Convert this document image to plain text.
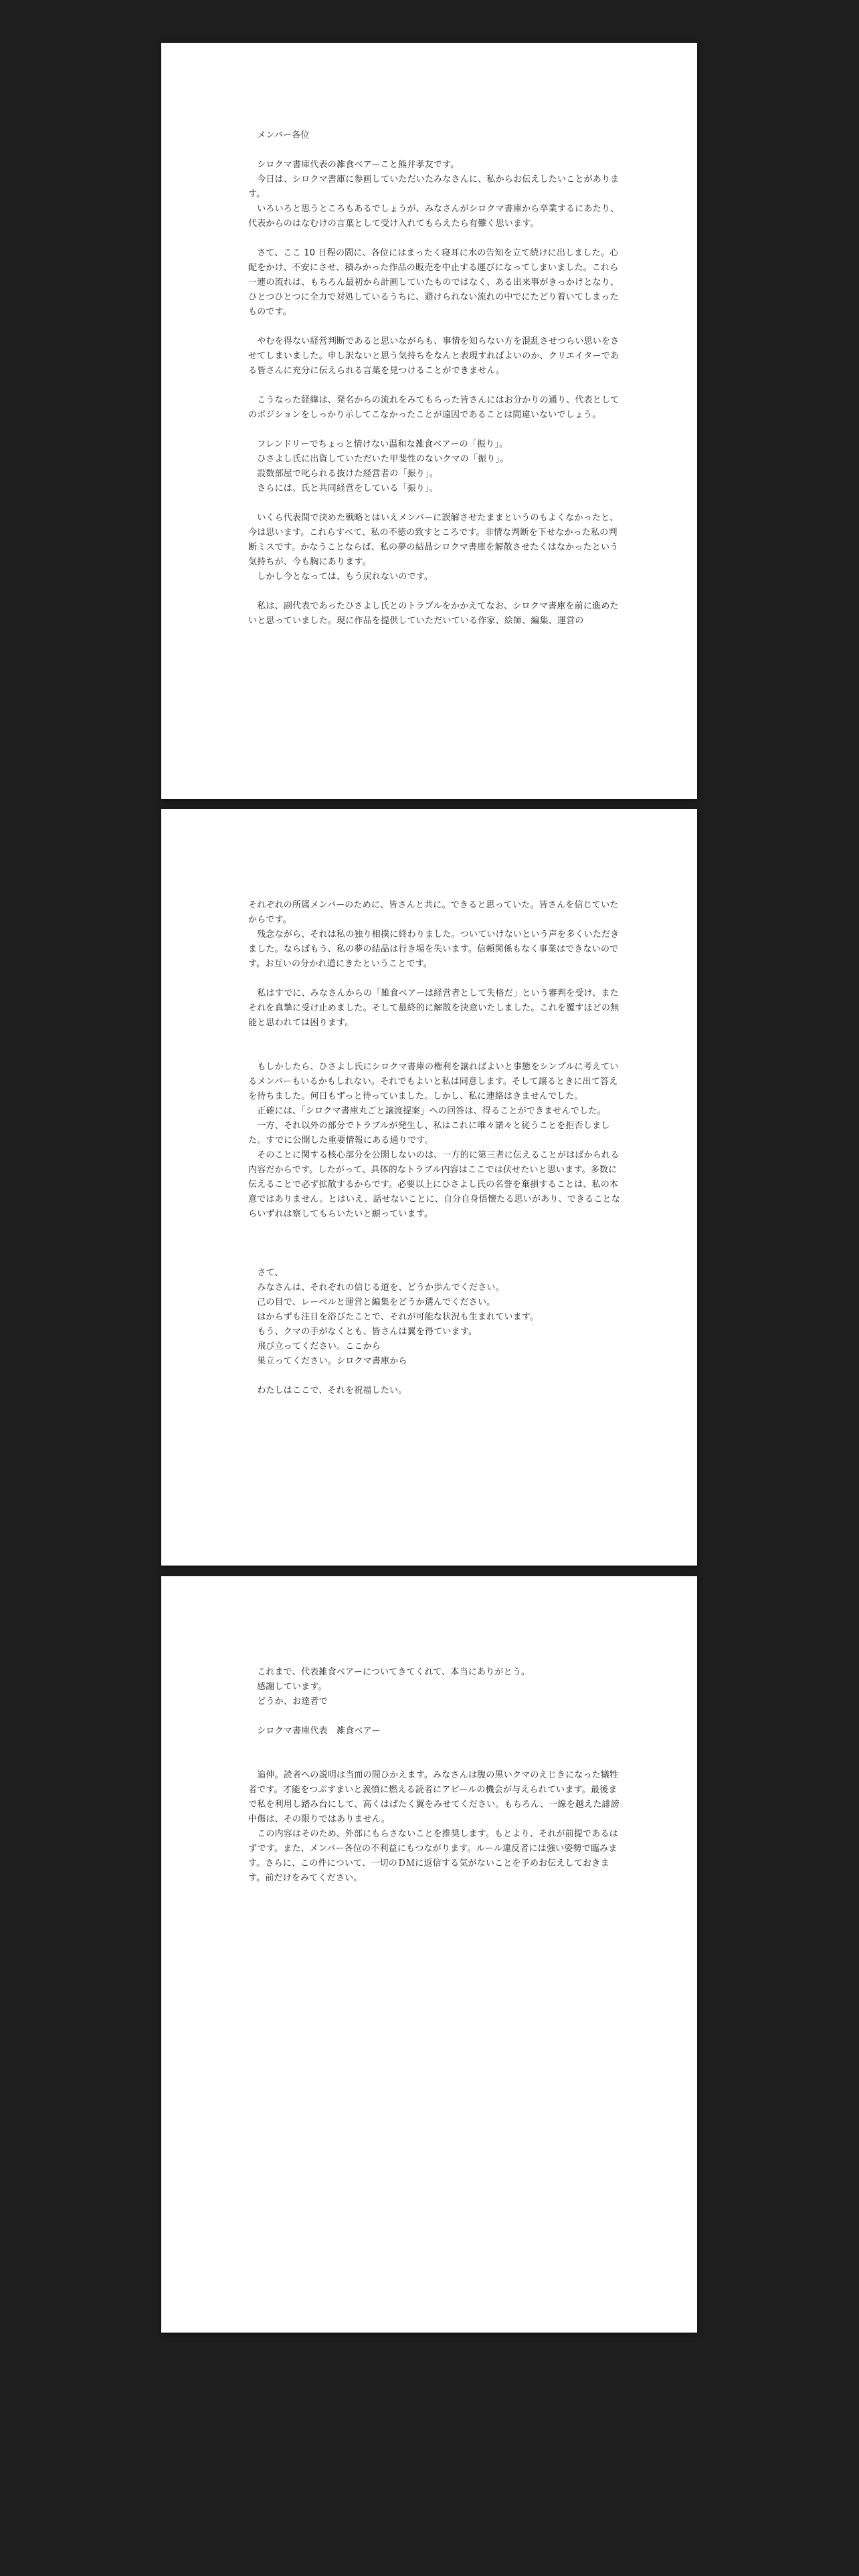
　メンバー各位

　シロクマ書庫代表の雑食ベアーこと熊井孝友です。

　今日は、シロクマ書庫に参画していただいたみなさんに、私からお伝えしたいことがあります。

　いろいろと思うところもあるでしょうが、みなさんがシロクマ書庫から卒業するにあたり、代表からのはなむけの言葉として受け入れてもらえたら有難く思います。

　さて、ここ 10 日程の間に、各位にはまったく寝耳に水の告知を立て続けに出しました。心配をかけ、不安にさせ、積みかった作品の販売を中止する運びになってしまいました。これら一連の流れは、もちろん最初から計画していたものではなく、ある出来事がきっかけとなり、ひとつひとつに全力で対処しているうちに、避けられない流れの中でにたどり着いてしまったものです。

　やむを得ない経営判断であると思いながらも、事情を知らない方を混乱させつらい思いをさせてしまいました。申し訳ないと思う気持ちをなんと表現すればよいのか、クリエイターである皆さんに充分に伝えられる言葉を見つけることができません。

　こうなった経緯は、発名からの流れをみてもらった皆さんにはお分かりの通り、代表としてのポジションをしっかり示してこなかったことが遠因であることは間違いないでしょう。

　フレンドリーでちょっと情けない温和な雑食ベアーの「振り」。

　ひさよし氏に出資していただいた甲斐性のないクマの「振り」。

　設数部屋で叱られる抜けた経営者の「振り」。

　さらには、氏と共同経営をしている「振り」。

　いくら代表間で決めた戦略とはいえメンバーに誤解させたままというのもよくなかったと、今は思います。これらすべて、私の不徳の致すところです。非情な判断を下せなかった私の判断ミスです。かなうことならば、私の夢の結晶シロクマ書庫を解散させたくはなかったという気持ちが、今も胸にあります。

　しかし今となっては、もう戻れないのです。

　私は、副代表であったひさよし氏とのトラブルをかかえてなお、シロクマ書庫を前に進めたいと思っていました。現に作品を提供していただいている作家、絵師、編集、運営の

それぞれの所属メンバーのために、皆さんと共に。できると思っていた。皆さんを信じていたからです。

　残念ながら、それは私の独り相撲に終わりました。ついていけないという声を多くいただきました。ならばもう、私の夢の結晶は行き場を失います。信頼関係もなく事業はできないのです。お互いの分かれ道にきたということです。

　私はすでに、みなさんからの「雑食ベアーは経営者として失格だ」という審判を受け、またそれを真摯に受け止めました。そして最終的に解散を決意いたしました。これを覆すほどの無能と思われては困ります。

　もしかしたら、ひさよし氏にシロクマ書庫の権利を譲ればよいと事態をシンプルに考えているメンバーもいるかもしれない。それでもよいと私は同意します。そして譲るときに出て答えを待ちました。何日もずっと待っていました。しかし、私に連絡はきませんでした。

　正確には、「シロクマ書庫丸ごと譲渡提案」への回答は、得ることができませんでした。

　一方、それ以外の部分でトラブルが発生し、私はこれに唯々諾々と従うことを拒否しました。すでに公開した重要情報にある通りです。

　そのことに関する核心部分を公開しないのは、一方的に第三者に伝えることがはばかられる内容だからです。したがって、具体的なトラブル内容はここでは伏せたいと思います。多数に伝えることで必ず拡散するからです。必要以上にひさよし氏の名誉を棄損することは、私の本意ではありません。とはいえ、話せないことに、自分自身悟懐たる思いがあり、できることならいずれは察してもらいたいと願っています。

　さて、

　みなさんは、それぞれの信じる道を、どうか歩んでください。

　己の目で、レーベルと運営と編集をどうか選んでください。

　はからずも注目を浴びたことで、それが可能な状況も生まれています。

　もう、クマの手がなくとも、皆さんは翼を得ています。

　飛び立ってください。ここから

　巣立ってください。シロクマ書庫から

　わたしはここで、それを祝福したい。

　これまで、代表雑食ベアーについてきてくれて、本当にありがとう。

　感謝しています。

　どうか、お達者で

　シロクマ書庫代表　雑食ベアー

　追伸。読者への説明は当面の間ひかえます。みなさんは腹の黒いクマのえじきになった犠牲者です。才能をつぶすまいと義憤に燃える読者にアピールの機会が与えられています。最後まで私を利用し踏み台にして、高くはばたく翼をみせてください。もちろん、一線を越えた誹謗中傷は、その限りではありません。

　この内容はそのため、外部にもらさないことを推奨します。もとより、それが前提であるはずです。また、メンバー各位の不利益にもつながります。ルール違反者には強い姿勢で臨みます。さらに、この件について、一切のＤＭに返信する気がないことを予めお伝えしておきます。前だけをみてください。
